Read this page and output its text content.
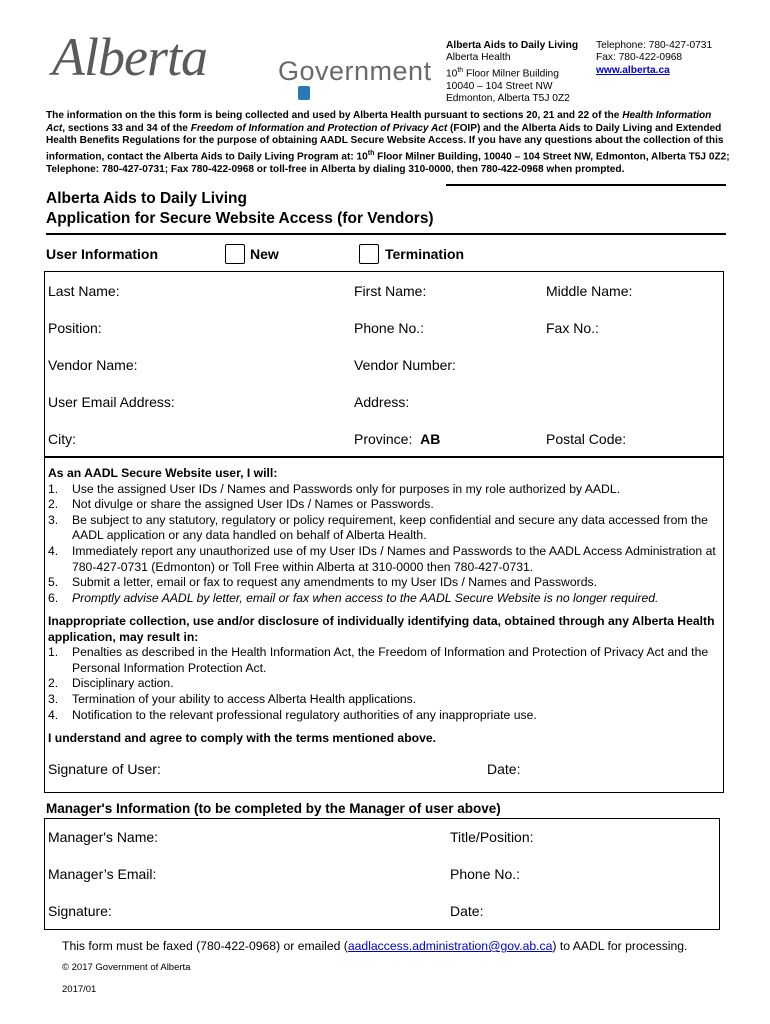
Alberta	Government
Alberta Aids to Daily Living
Alberta Health
10th Floor Milner Building
10040 – 104 Street NW
Edmonton, Alberta T5J 0Z2
Telephone: 780-427-0731
Fax: 780-422-0968
www.alberta.ca
The information on the this form is being collected and used by Alberta Health pursuant to sections 20, 21 and 22 of the Health Information Act, sections 33 and 34 of the Freedom of Information and Protection of Privacy Act (FOIP) and the Alberta Aids to Daily Living and Extended Health Benefits Regulations for the purpose of obtaining AADL Secure Website Access. If you have any questions about the collection of this information, contact the Alberta Aids to Daily Living Program at: 10th Floor Milner Building, 10040 – 104 Street NW, Edmonton, Alberta T5J 0Z2; Telephone: 780-427-0731; Fax 780-422-0968 or toll-free in Alberta by dialing 310-0000, then 780-422-0968 when prompted.
Alberta Aids to Daily Living
Application for Secure Website Access (for Vendors)
User Information	New	Termination
Last Name:	First Name:	Middle Name:
Position:	Phone No.:	Fax No.:
Vendor Name:	Vendor Number:
User Email Address:	Address:
City:	Province: AB	Postal Code:
As an AADL Secure Website user, I will:
1. Use the assigned User IDs / Names and Passwords only for purposes in my role authorized by AADL.
2. Not divulge or share the assigned User IDs / Names or Passwords.
3. Be subject to any statutory, regulatory or policy requirement, keep confidential and secure any data accessed from the AADL application or any data handled on behalf of Alberta Health.
4. Immediately report any unauthorized use of my User IDs / Names and Passwords to the AADL Access Administration at 780-427-0731 (Edmonton) or Toll Free within Alberta at 310-0000 then 780-427-0731.
5. Submit a letter, email or fax to request any amendments to my User IDs / Names and Passwords.
6. Promptly advise AADL by letter, email or fax when access to the AADL Secure Website is no longer required.
Inappropriate collection, use and/or disclosure of individually identifying data, obtained through any Alberta Health application, may result in:
1. Penalties as described in the Health Information Act, the Freedom of Information and Protection of Privacy Act and the Personal Information Protection Act.
2. Disciplinary action.
3. Termination of your ability to access Alberta Health applications.
4. Notification to the relevant professional regulatory authorities of any inappropriate use.
I understand and agree to comply with the terms mentioned above.
Signature of User:	Date:
Manager's Information (to be completed by the Manager of user above)
Manager's Name:	Title/Position:
Manager’s Email:	Phone No.:
Signature:	Date:
This form must be faxed (780-422-0968) or emailed (aadlaccess.administration@gov.ab.ca) to AADL for processing.
© 2017 Government of Alberta
2017/01
